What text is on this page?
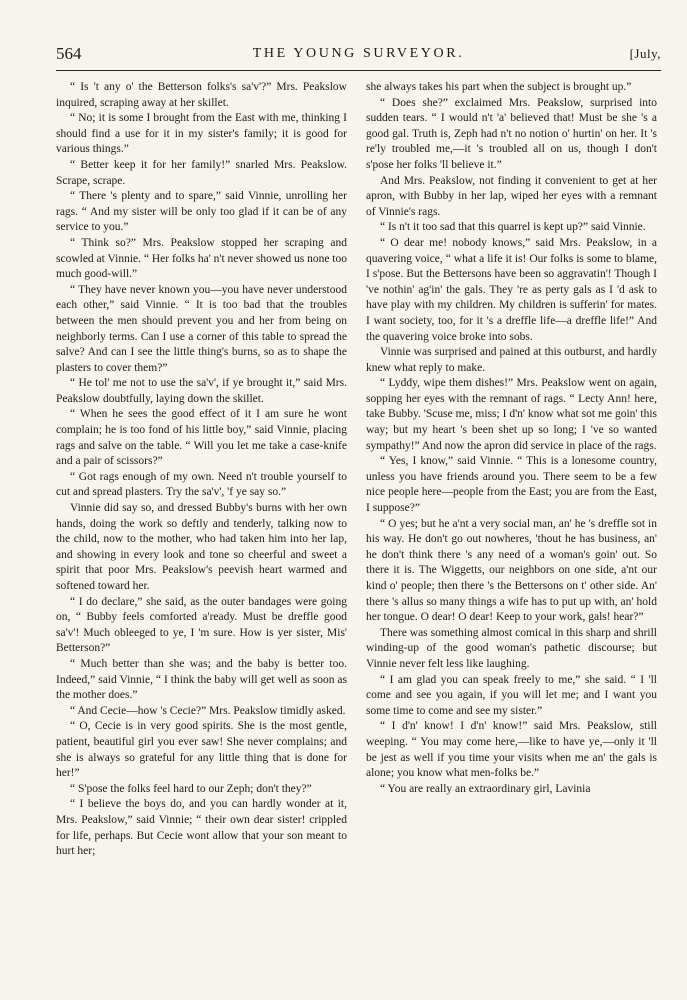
564	THE YOUNG SURVEYOR.	[July,

“ Is 't any o' the Betterson folks's sa'v'?” Mrs. Peakslow inquired, scraping away at her skillet.

“ No; it is some I brought from the East with me, thinking I should find a use for it in my sister's family; it is good for various things.”

“ Better keep it for her family!” snarled Mrs. Peakslow. Scrape, scrape.

“ There 's plenty and to spare,” said Vinnie, unrolling her rags. “ And my sister will be only too glad if it can be of any service to you.”

“ Think so?” Mrs. Peakslow stopped her scraping and scowled at Vinnie. “ Her folks ha' n't never showed us none too much good-will.”

“ They have never known you—you have never understood each other,” said Vinnie. “ It is too bad that the troubles between the men should prevent you and her from being on neighborly terms. Can I use a corner of this table to spread the salve? And can I see the little thing's burns, so as to shape the plasters to cover them?”

“ He tol' me not to use the sa'v', if ye brought it,” said Mrs. Peakslow doubtfully, laying down the skillet.

“ When he sees the good effect of it I am sure he wont complain; he is too fond of his little boy,” said Vinnie, placing rags and salve on the table. “ Will you let me take a case-knife and a pair of scissors?”

“ Got rags enough of my own. Need n't trouble yourself to cut and spread plasters. Try the sa'v', 'f ye say so.”

Vinnie did say so, and dressed Bubby's burns with her own hands, doing the work so deftly and tenderly, talking now to the child, now to the mother, who had taken him into her lap, and showing in every look and tone so cheerful and sweet a spirit that poor Mrs. Peakslow's peevish heart warmed and softened toward her.

“ I do declare,” she said, as the outer bandages were going on, “ Bubby feels comforted a'ready. Must be dreffle good sa'v'! Much obleeged to ye, I 'm sure. How is yer sister, Mis' Betterson?”

“ Much better than she was; and the baby is better too. Indeed,” said Vinnie, “ I think the baby will get well as soon as the mother does.”

“ And Cecie—how 's Cecie?” Mrs. Peakslow timidly asked.

“ O, Cecie is in very good spirits. She is the most gentle, patient, beautiful girl you ever saw! She never complains; and she is always so grateful for any little thing that is done for her!”

“ S'pose the folks feel hard to our Zeph; don't they?”

“ I believe the boys do, and you can hardly wonder at it, Mrs. Peakslow,” said Vinnie; “ their own dear sister! crippled for life, perhaps. But Cecie wont allow that your son meant to hurt her;

she always takes his part when the subject is brought up.”

“ Does she?” exclaimed Mrs. Peakslow, surprised into sudden tears. “ I would n't 'a' believed that! Must be she 's a good gal. Truth is, Zeph had n't no notion o' hurtin' on her. It 's re'ly troubled me,—it 's troubled all on us, though I don't s'pose her folks 'll believe it.”

And Mrs. Peakslow, not finding it convenient to get at her apron, with Bubby in her lap, wiped her eyes with a remnant of Vinnie's rags.

“ Is n't it too sad that this quarrel is kept up?” said Vinnie.

“ O dear me! nobody knows,” said Mrs. Peakslow, in a quavering voice, “ what a life it is! Our folks is some to blame, I s'pose. But the Bettersons have been so aggravatin'! Though I 've nothin' ag'in' the gals. They 're as perty gals as I 'd ask to have play with my children. My children is sufferin' for mates. I want society, too, for it 's a dreffle life—a dreffle life!” And the quavering voice broke into sobs.

Vinnie was surprised and pained at this outburst, and hardly knew what reply to make.

“ Lyddy, wipe them dishes!” Mrs. Peakslow went on again, sopping her eyes with the remnant of rags. “ Lecty Ann! here, take Bubby. 'Scuse me, miss; I d'n' know what sot me goin' this way; but my heart 's been shet up so long; I 've so wanted sympathy!” And now the apron did service in place of the rags.

“ Yes, I know,” said Vinnie. “ This is a lonesome country, unless you have friends around you. There seem to be a few nice people here—people from the East; you are from the East, I suppose?”

“ O yes; but he a'nt a very social man, an' he 's dreffle sot in his way. He don't go out nowheres, 'thout he has business, an' he don't think there 's any need of a woman's goin' out. So there it is. The Wiggetts, our neighbors on one side, a'nt our kind o' people; then there 's the Bettersons on t' other side. An' there 's allus so many things a wife has to put up with, an' hold her tongue. O dear! O dear! Keep to your work, gals! hear?”

There was something almost comical in this sharp and shrill winding-up of the good woman's pathetic discourse; but Vinnie never felt less like laughing.

“ I am glad you can speak freely to me,” she said. “ I 'll come and see you again, if you will let me; and I want you some time to come and see my sister.”

“ I d'n' know! I d'n' know!” said Mrs. Peakslow, still weeping. “ You may come here,—like to have ye,—only it 'll be jest as well if you time your visits when me an' the gals is alone; you know what men-folks be.”

“ You are really an extraordinary girl, Lavinia
